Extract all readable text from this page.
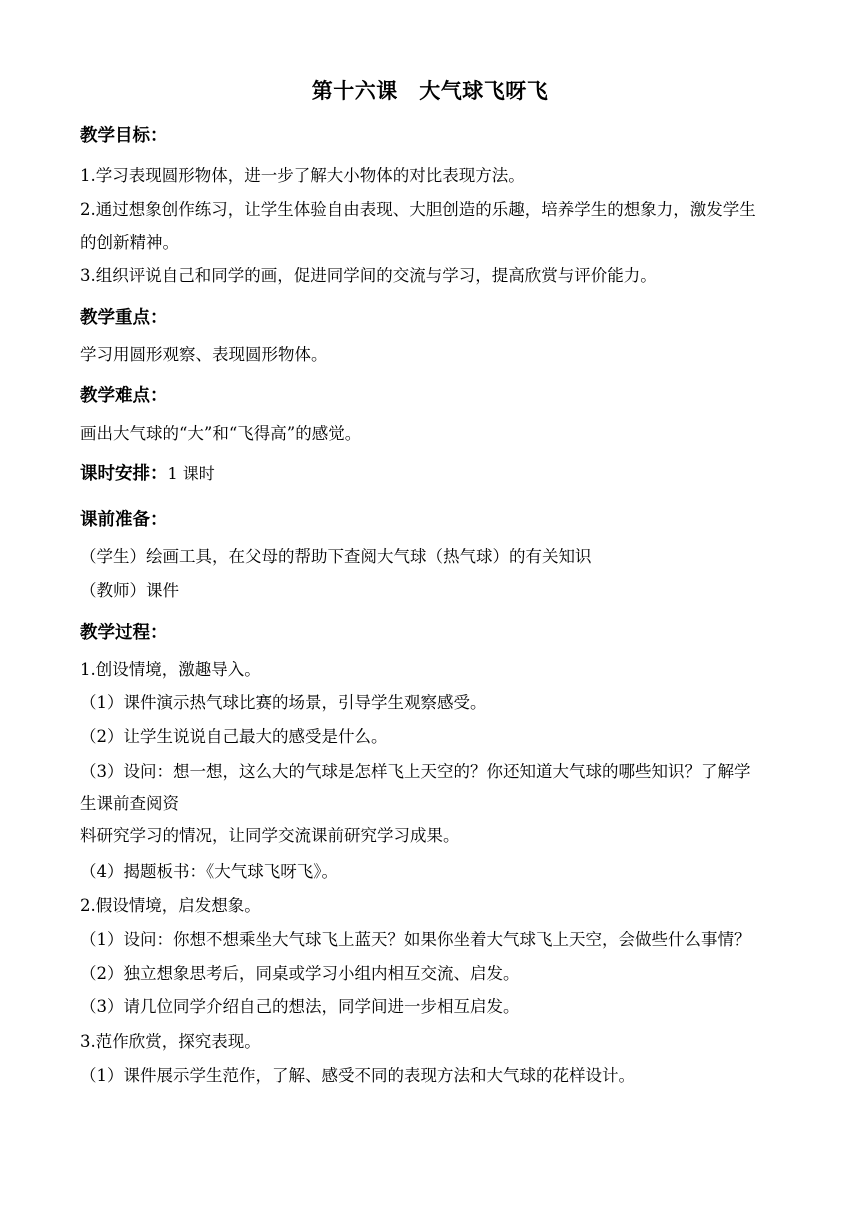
第十六课　大气球飞呀飞
教学目标：
1.学习表现圆形物体，进一步了解大小物体的对比表现方法。
2.通过想象创作练习，让学生体验自由表现、大胆创造的乐趣，培养学生的想象力，激发学生
的创新精神。
3.组织评说自己和同学的画，促进同学间的交流与学习，提高欣赏与评价能力。
教学重点：
学习用圆形观察、表现圆形物体。
教学难点：
画出大气球的“大”和“飞得高”的感觉。
课时安排：1 课时
课前准备：
（学生）绘画工具，在父母的帮助下查阅大气球（热气球）的有关知识
（教师）课件
教学过程：
1.创设情境，激趣导入。
（1）课件演示热气球比赛的场景，引导学生观察感受。
（2）让学生说说自己最大的感受是什么。
（3）设问：想一想，这么大的气球是怎样飞上天空的？你还知道大气球的哪些知识？了解学
生课前查阅资
料研究学习的情况，让同学交流课前研究学习成果。
（4）揭题板书：《大气球飞呀飞》。
2.假设情境，启发想象。
（1）设问：你想不想乘坐大气球飞上蓝天？如果你坐着大气球飞上天空，会做些什么事情？
（2）独立想象思考后，同桌或学习小组内相互交流、启发。
（3）请几位同学介绍自己的想法，同学间进一步相互启发。
3.范作欣赏，探究表现。
（1）课件展示学生范作，了解、感受不同的表现方法和大气球的花样设计。
